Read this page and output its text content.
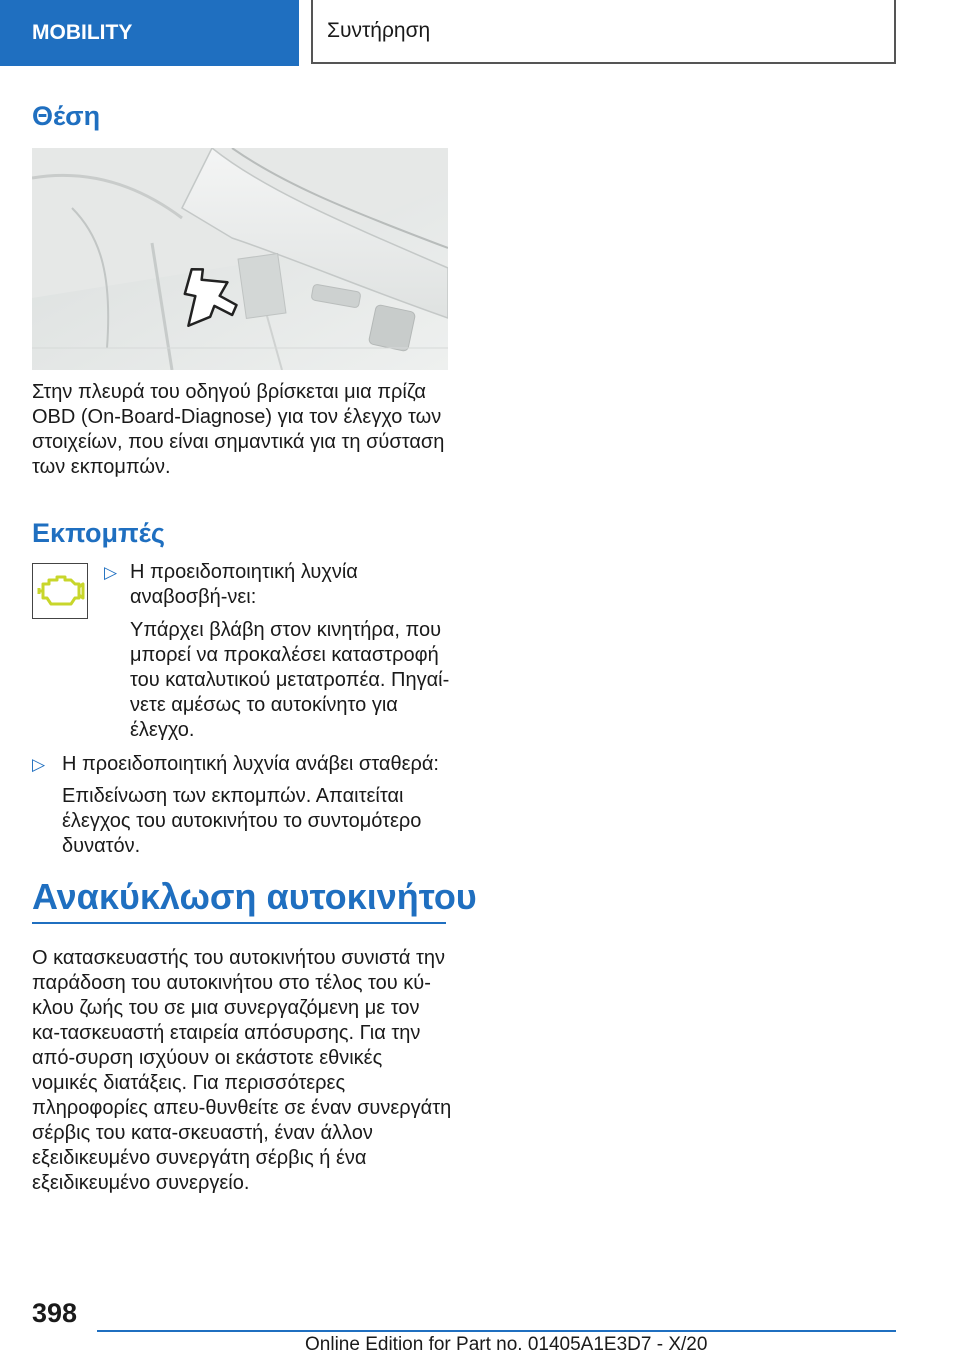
MOBILITY	Συντήρηση
Θέση

Στην πλευρά του οδηγού βρίσκεται μια πρίζα OBD (On-Board-Diagnose) για τον έλεγχο των στοιχείων, που είναι σημαντικά για τη σύσταση των εκπομπών.

Εκπομπές
▷ Η προειδοποιητική λυχνία αναβοσβή-νει:

Υπάρχει βλάβη στον κινητήρα, που μπορεί να προκαλέσει καταστροφή του καταλυτικού μετατροπέα. Πηγαί-νετε αμέσως το αυτοκίνητο για έλεγχο.

▷ Η προειδοποιητική λυχνία ανάβει σταθερά:

Επιδείνωση των εκπομπών. Απαιτείται έλεγχος του αυτοκινήτου το συντομότερο δυνατόν.

Ανακύκλωση αυτοκινήτου

Ο κατασκευαστής του αυτοκινήτου συνιστά την παράδοση του αυτοκινήτου στο τέλος του κύ-κλου ζωής του σε μια συνεργαζόμενη με τον κα-τασκευαστή εταιρεία απόσυρσης. Για την από-συρση ισχύουν οι εκάστοτε εθνικές νομικές διατάξεις. Για περισσότερες πληροφορίες απευ-θυνθείτε σε έναν συνεργάτη σέρβις του κατα-σκευαστή, έναν άλλον εξειδικευμένο συνεργάτη σέρβις ή ένα εξειδικευμένο συνεργείο.

398
Online Edition for Part no. 01405A1E3D7 - X/20
